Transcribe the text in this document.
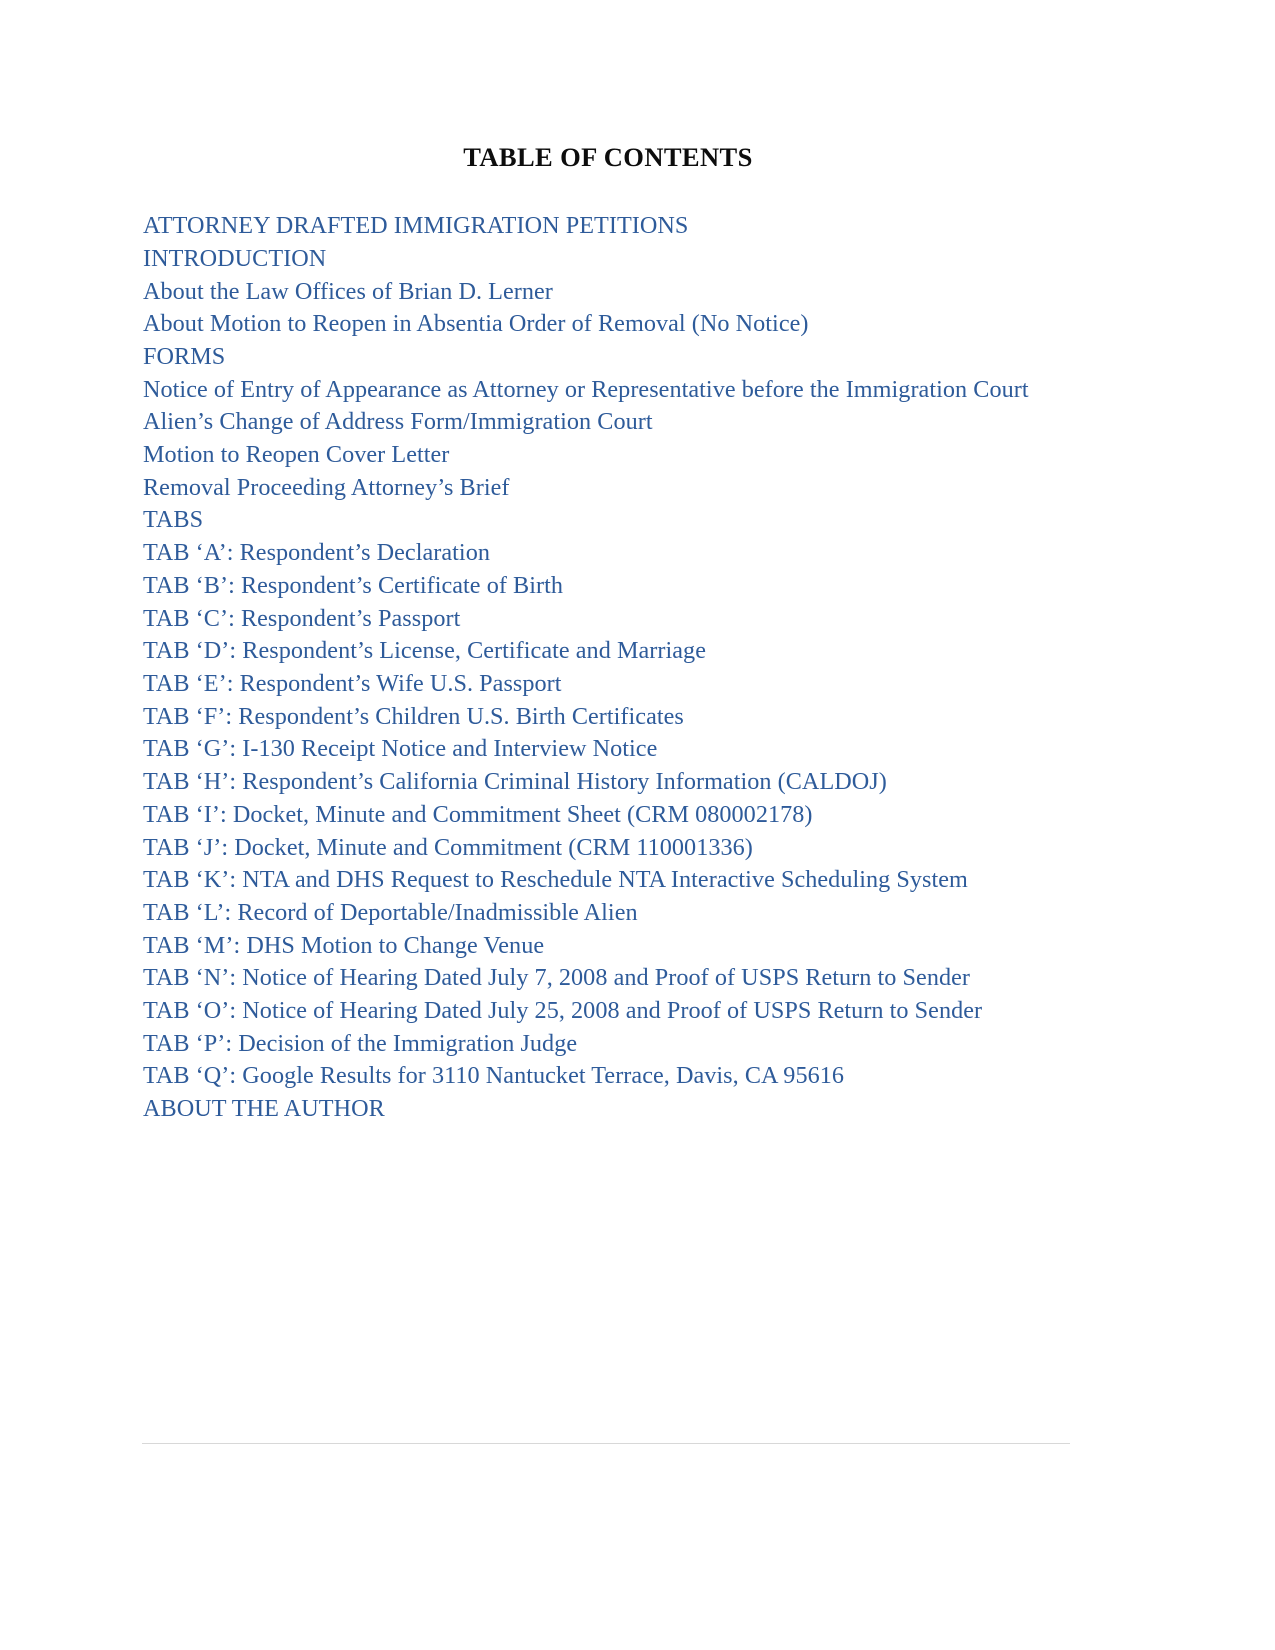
TABLE OF CONTENTS
ATTORNEY DRAFTED IMMIGRATION PETITIONS
INTRODUCTION
About the Law Offices of Brian D. Lerner
About Motion to Reopen in Absentia Order of Removal (No Notice)
FORMS
Notice of Entry of Appearance as Attorney or Representative before the Immigration Court
Alien’s Change of Address Form/Immigration Court
Motion to Reopen Cover Letter
Removal Proceeding Attorney’s Brief
TABS
TAB ‘A’: Respondent’s Declaration
TAB ‘B’: Respondent’s Certificate of Birth
TAB ‘C’: Respondent’s Passport
TAB ‘D’: Respondent’s License, Certificate and Marriage
TAB ‘E’: Respondent’s Wife U.S. Passport
TAB ‘F’: Respondent’s Children U.S. Birth Certificates
TAB ‘G’: I-130 Receipt Notice and Interview Notice
TAB ‘H’: Respondent’s California Criminal History Information (CALDOJ)
TAB ‘I’: Docket, Minute and Commitment Sheet (CRM 080002178)
TAB ‘J’: Docket, Minute and Commitment (CRM 110001336)
TAB ‘K’: NTA and DHS Request to Reschedule NTA Interactive Scheduling System
TAB ‘L’: Record of Deportable/Inadmissible Alien
TAB ‘M’: DHS Motion to Change Venue
TAB ‘N’: Notice of Hearing Dated July 7, 2008 and Proof of USPS Return to Sender
TAB ‘O’: Notice of Hearing Dated July 25, 2008 and Proof of USPS Return to Sender
TAB ‘P’: Decision of the Immigration Judge
TAB ‘Q’: Google Results for 3110 Nantucket Terrace, Davis, CA 95616
ABOUT THE AUTHOR
